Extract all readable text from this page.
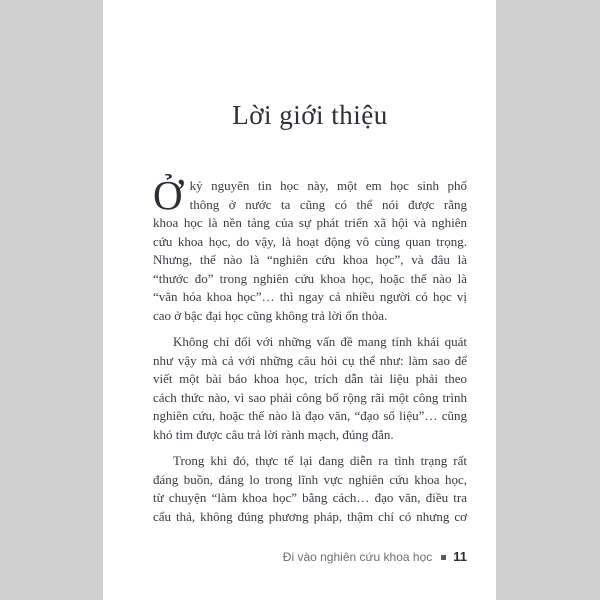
Lời giới thiệu
Ở kỷ nguyên tin học này, một em học sinh phổ
thông ở nước ta cũng có thể nói được rằng
khoa học là nền tảng của sự phát triển xã hội và nghiên
cứu khoa học, do vậy, là hoạt động vô cùng quan trọng.
Nhưng, thế nào là “nghiên cứu khoa học”, và đâu là
“thước đo” trong nghiên cứu khoa học, hoặc thế nào là
“văn hóa khoa học”… thì ngay cả nhiều người có học vị
cao ở bậc đại học cũng không trả lời ổn thỏa.
Không chỉ đối với những vấn đề mang tính khái quát
như vậy mà cả với những câu hỏi cụ thể như: làm sao để
viết một bài báo khoa học, trích dẫn tài liệu phải theo
cách thức nào, vì sao phải công bố rộng rãi một công trình
nghiên cứu, hoặc thế nào là đạo văn, “đạo số liệu”… cũng
khó tìm được câu trả lời rành mạch, đúng đắn.
Trong khi đó, thực tế lại đang diễn ra tình trạng rất
đáng buồn, đáng lo trong lĩnh vực nghiên cứu khoa học,
từ chuyện “làm khoa học” bằng cách… đạo văn, điều tra
cẩu thả, không đúng phương pháp, thậm chí có nhưng cơ
Đi vào nghiên cứu khoa học 11
